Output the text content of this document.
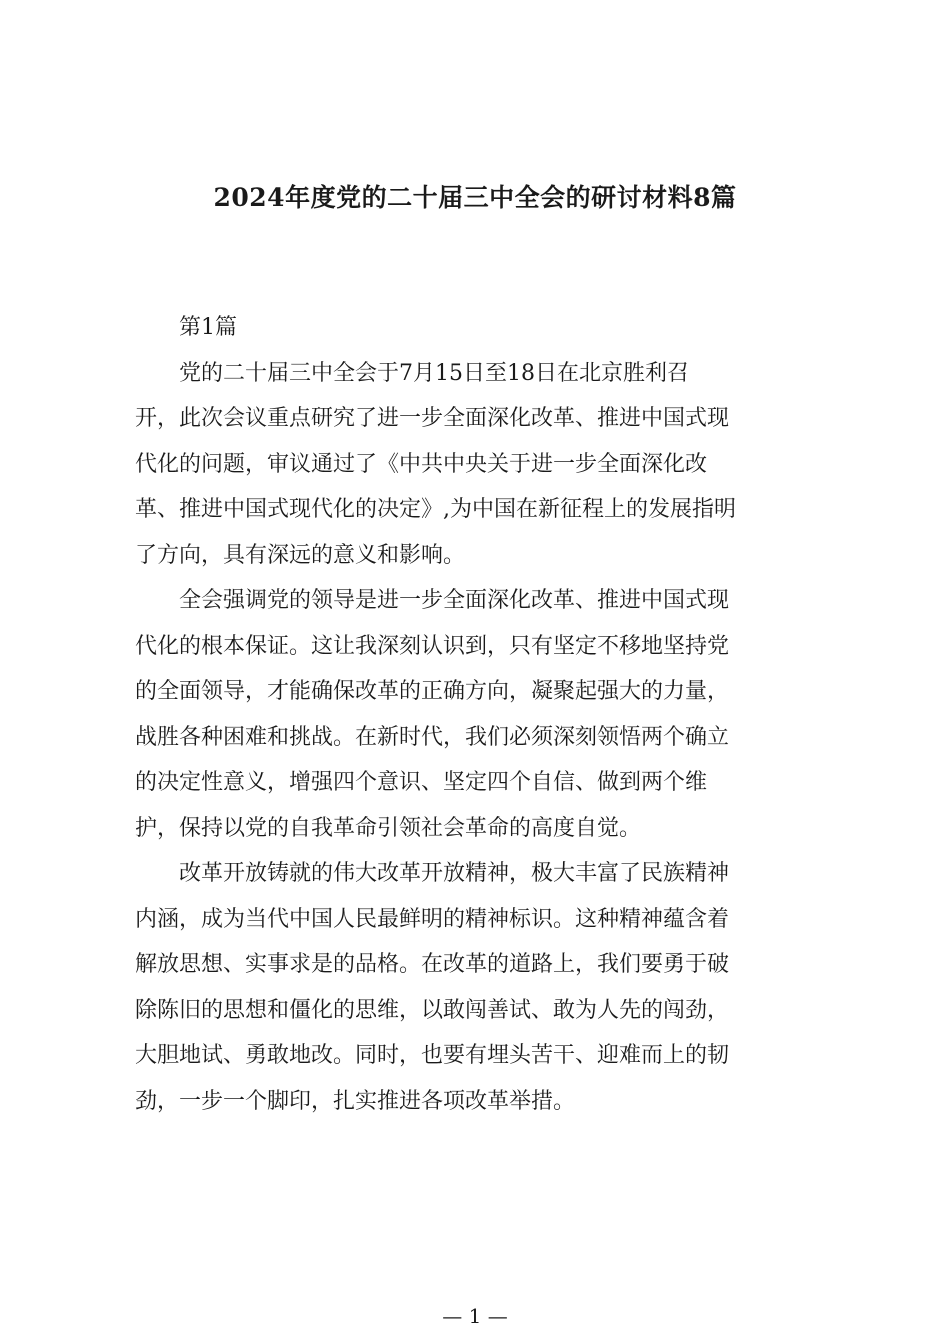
2024年度党的二十届三中全会的研讨材料8篇

第1篇

党的二十届三中全会于7月15日至18日在北京胜利召
开，此次会议重点研究了进一步全面深化改革、推进中国式现
代化的问题，审议通过了《中共中央关于进一步全面深化改
革、推进中国式现代化的决定》,为中国在新征程上的发展指明
了方向，具有深远的意义和影响。

全会强调党的领导是进一步全面深化改革、推进中国式现
代化的根本保证。这让我深刻认识到，只有坚定不移地坚持党
的全面领导，才能确保改革的正确方向，凝聚起强大的力量，
战胜各种困难和挑战。在新时代，我们必须深刻领悟两个确立
的决定性意义，增强四个意识、坚定四个自信、做到两个维
护，保持以党的自我革命引领社会革命的高度自觉。

改革开放铸就的伟大改革开放精神，极大丰富了民族精神
内涵，成为当代中国人民最鲜明的精神标识。这种精神蕴含着
解放思想、实事求是的品格。在改革的道路上，我们要勇于破
除陈旧的思想和僵化的思维，以敢闯善试、敢为人先的闯劲，
大胆地试、勇敢地改。同时，也要有埋头苦干、迎难而上的韧
劲，一步一个脚印，扎实推进各项改革举措。

— 1 —
